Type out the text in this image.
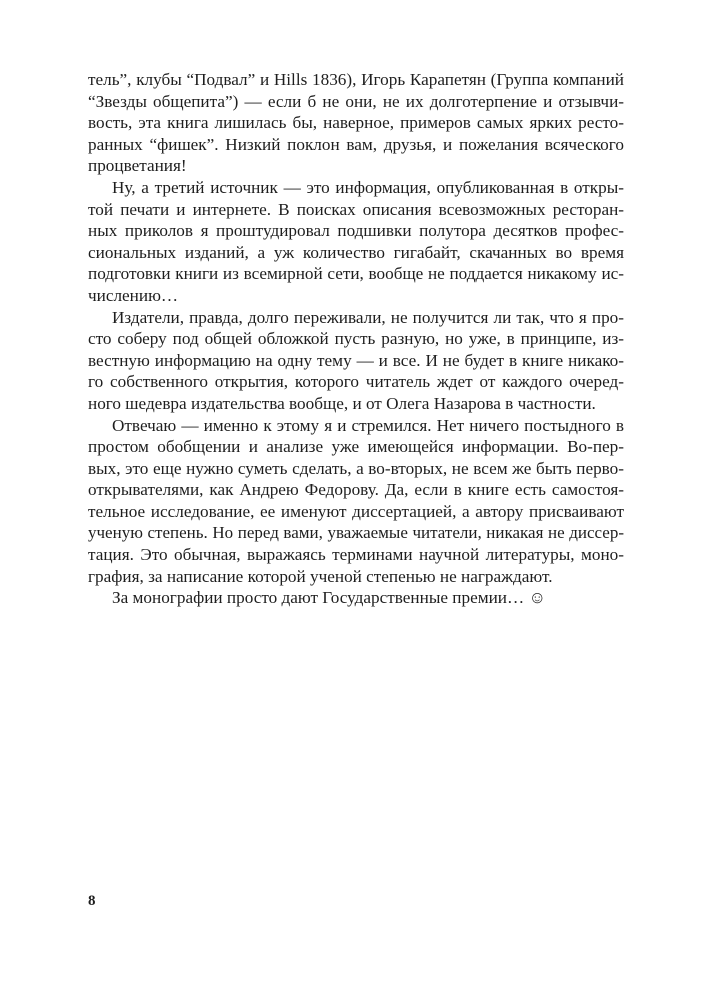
тель”, клубы “Подвал” и Hills 1836), Игорь Карапетян (Группа компаний
“Звезды общепита”) — если б не они, не их долготерпение и отзывчи-
вость, эта книга лишилась бы, наверное, примеров самых ярких ресто-
ранных “фишек”. Низкий поклон вам, друзья, и пожелания всяческого
процветания!
Ну, а третий источник — это информация, опубликованная в откры-
той печати и интернете. В поисках описания всевозможных ресторан-
ных приколов я проштудировал подшивки полутора десятков профес-
сиональных изданий, а уж количество гигабайт, скачанных во время
подготовки книги из всемирной сети, вообще не поддается никакому ис-
числению…
Издатели, правда, долго переживали, не получится ли так, что я про-
сто соберу под общей обложкой пусть разную, но уже, в принципе, из-
вестную информацию на одну тему — и все. И не будет в книге никако-
го собственного открытия, которого читатель ждет от каждого очеред-
ного шедевра издательства вообще, и от Олега Назарова в частности.
Отвечаю — именно к этому я и стремился. Нет ничего постыдного в
простом обобщении и анализе уже имеющейся информации. Во-пер-
вых, это еще нужно суметь сделать, а во-вторых, не всем же быть перво-
открывателями, как Андрею Федорову. Да, если в книге есть самостоя-
тельное исследование, ее именуют диссертацией, а автору присваивают
ученую степень. Но перед вами, уважаемые читатели, никакая не диссер-
тация. Это обычная, выражаясь терминами научной литературы, моно-
графия, за написание которой ученой степенью не награждают.
За монографии просто дают Государственные премии… ☺
8
